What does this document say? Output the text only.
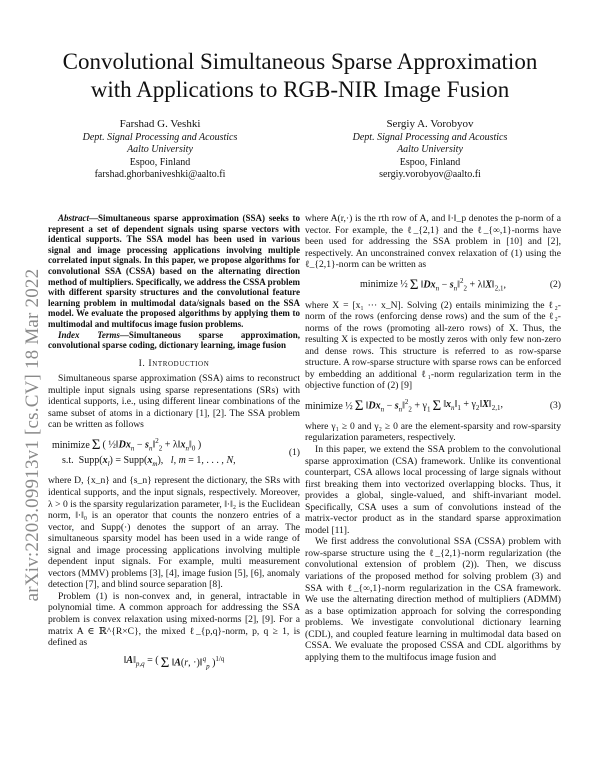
arXiv:2203.09913v1 [cs.CV] 18 Mar 2022
Convolutional Simultaneous Sparse Approximation
with Applications to RGB-NIR Image Fusion
Farshad G. Veshki
Dept. Signal Processing and Acoustics
Aalto University
Espoo, Finland
farshad.ghorbaniveshki@aalto.fi
Sergiy A. Vorobyov
Dept. Signal Processing and Acoustics
Aalto University
Espoo, Finland
sergiy.vorobyov@aalto.fi

Abstract—Simultaneous sparse approximation (SSA) seeks to represent a set of dependent signals using sparse vectors with identical supports. The SSA model has been used in various signal and image processing applications involving multiple correlated input signals. In this paper, we propose algorithms for convolutional SSA (CSSA) based on the alternating direction method of multipliers. Specifically, we address the CSSA problem with different sparsity structures and the convolutional feature learning problem in multimodal data/signals based on the SSA model. We evaluate the proposed algorithms by applying them to multimodal and multifocus image fusion problems.

Index Terms—Simultaneous sparse approximation, convolutional sparse coding, dictionary learning, image fusion

I. Introduction

Simultaneous sparse approximation (SSA) aims to reconstruct multiple input signals using sparse representations (SRs) with identical supports, i.e., using different linear combinations of the same subset of atoms in a dictionary [1], [2]. The SSA problem can be written as follows

minimize Σ ( $\frac{1}{2}‖Dx_n$ − $s_n‖^2_2$ + $\lambda‖x_n‖_0$ )
s.t.  $Supp(x_l)$ = $Supp(x_m)$,   l, m = 1, . . . , N,
(1)

where D, {x_n} and {s_n} represent the dictionary, the SRs with identical supports, and the input signals, respectively. Moreover, λ > 0 is the sparsity regularization parameter, ‖·‖₂ is the Euclidean norm, ‖·‖₀ is an operator that counts the nonzero entries of a vector, and Supp(·) denotes the support of an array. The simultaneous sparsity model has been used in a wide range of signal and image processing applications involving multiple dependent input signals. For example, multi measurement vectors (MMV) problems [3], [4], image fusion [5], [6], anomaly detection [7], and blind source separation [8].

Problem (1) is non-convex and, in general, intractable in polynomial time. A common approach for addressing the SSA problem is convex relaxation using mixed-norms [2], [9]. For a matrix A ∈ ℝ^{R×C}, the mixed ℓ_{p,q}-norm, p, q ≥ 1, is defined as

$‖A‖_{p,q}$ = ( Σ ‖A(r, ·)‖$^q_p$ )$^{1/q}$

where A(r,·) is the rth row of A, and ‖·‖_p denotes the p-norm of a vector. For example, the ℓ_{2,1} and the ℓ_{∞,1}-norms have been used for addressing the SSA problem in [10] and [2], respectively. An unconstrained convex relaxation of (1) using the ℓ_{2,1}-norm can be written as

minimize ½ Σ $‖Dx_n$ − $s_n‖^2_2$ + $\lambda‖X‖_{2,1}$,	(2)

where X = [x₁ ··· x_N]. Solving (2) entails minimizing the ℓ₂-norm of the rows (enforcing dense rows) and the sum of the ℓ₂-norms of the rows (promoting all-zero rows) of X. Thus, the resulting X is expected to be mostly zeros with only few non-zero and dense rows. This structure is referred to as row-sparse structure. A row-sparse structure with sparse rows can be enforced by embedding an additional ℓ₁-norm regularization term in the objective function of (2) [9]

minimize ½ Σ $‖Dx_n$ − $s_n‖^2_2 + \gamma_1$ Σ $‖x_n‖_1$ + $\gamma_2‖X‖_{2,1}$,	(3)

where γ₁ ≥ 0 and γ₂ ≥ 0 are the element-sparsity and row-sparsity regularization parameters, respectively.

In this paper, we extend the SSA problem to the convolutional sparse approximation (CSA) framework. Unlike its conventional counterpart, CSA allows local processing of large signals without first breaking them into vectorized overlapping blocks. Thus, it provides a global, single-valued, and shift-invariant model. Specifically, CSA uses a sum of convolutions instead of the matrix-vector product as in the standard sparse approximation model [11].

We first address the convolutional SSA (CSSA) problem with row-sparse structure using the ℓ_{2,1}-norm regularization (the convolutional extension of problem (2)). Then, we discuss variations of the proposed method for solving problem (3) and SSA with ℓ_{∞,1}-norm regularization in the CSA framework. We use the alternating direction method of multipliers (ADMM) as a base optimization approach for solving the corresponding problems. We investigate convolutional dictionary learning (CDL), and coupled feature learning in multimodal data based on CSSA. We evaluate the proposed CSSA and CDL algorithms by applying them to the multifocus image fusion and
